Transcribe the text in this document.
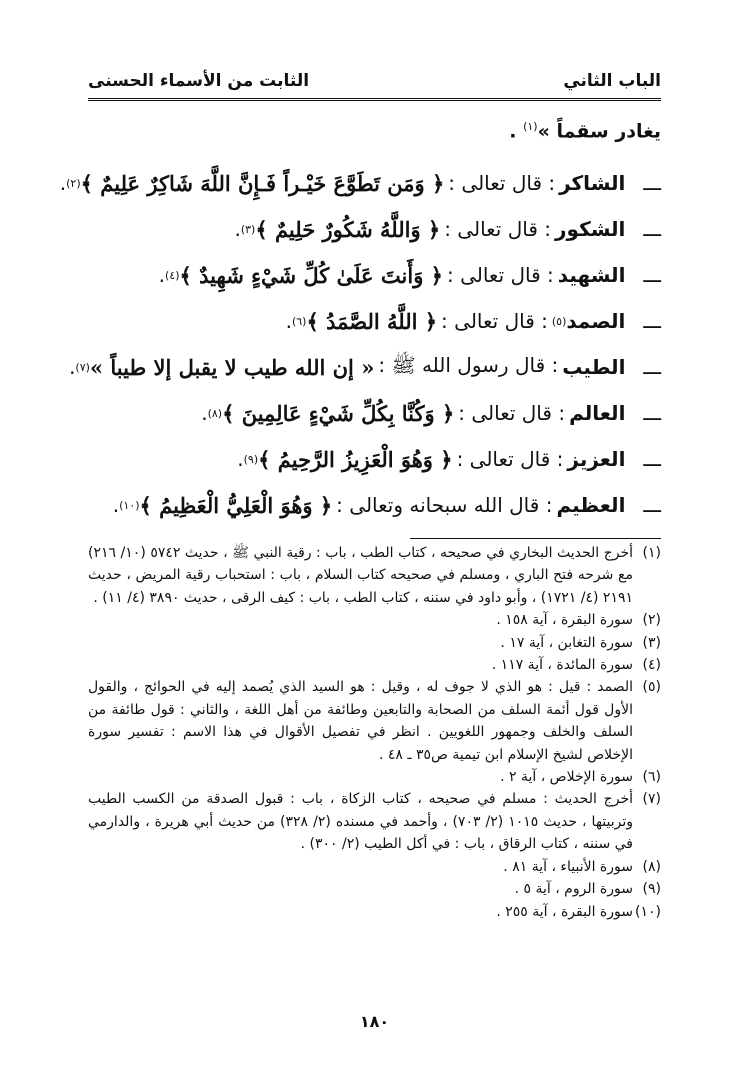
الباب الثاني
الثابت من الأسماء الحسنى
يغادر سقماً »$^{(١)}$ .
ـــ
الشاكر
: قال تعالى :
﴿ وَمَن تَطَوَّعَ خَيْـراً فَـإِنَّ اللَّهَ شَاكِرٌ عَلِيمٌ ﴾
(٢)
.
ـــ
الشكور
: قال تعالى :
﴿ وَاللَّهُ شَكُورٌ حَلِيمٌ ﴾
(٣)
.
ـــ
الشهيد
: قال تعالى :
﴿ وَأَنتَ عَلَىٰ كُلِّ شَيْءٍ شَهِيدٌ ﴾
(٤)
.
ـــ
الصمد
(٥)
: قال تعالى :
﴿ اللَّهُ الصَّمَدُ ﴾
(٦)
.
ـــ
الطيب
: قال رسول الله ﷺ :
« إن الله طيب لا يقبل إلا طيباً »
(٧)
.
ـــ
العالم
: قال تعالى :
﴿ وَكُنَّا بِكُلِّ شَيْءٍ عَالِمِينَ ﴾
(٨)
.
ـــ
العزيز
: قال تعالى :
﴿ وَهُوَ الْعَزِيزُ الرَّحِيمُ ﴾
(٩)
.
ـــ
العظيم
: قال الله سبحانه وتعالى :
﴿ وَهُوَ الْعَلِيُّ الْعَظِيمُ ﴾
(١٠)
.
(١)
أخرج الحديث البخاري في صحيحه ، كتاب الطب ، باب : رقية النبي ﷺ ، حديث ٥٧٤٢ (١٠/ ٢١٦) مع شرحه فتح الباري ، ومسلم في صحيحه كتاب السلام ، باب : استحباب رقية المريض ، حديث ٢١٩١ (٤/ ١٧٢١) ، وأبو داود في سننه ، كتاب الطب ، باب : كيف الرقى ، حديث ٣٨٩٠ (٤/ ١١) .
(٢)
سورة البقرة ، آية ١٥٨ .
(٣)
سورة التغابن ، آية ١٧ .
(٤)
سورة المائدة ، آية ١١٧ .
(٥)
الصمد : قيل : هو الذي لا جوف له ، وقيل : هو السيد الذي يُصمد إليه في الحوائج ، والقول الأول قول أئمة السلف من الصحابة والتابعين وطائفة من أهل اللغة ، والثاني : قول طائفة من السلف والخلف وجمهور اللغويين . انظر في تفصيل الأقوال في هذا الاسم : تفسير سورة الإخلاص لشيخ الإسلام ابن تيمية ص٣٥ ـ ٤٨ .
(٦)
سورة الإخلاص ، آية ٢ .
(٧)
أخرج الحديث : مسلم في صحيحه ، كتاب الزكاة ، باب : قبول الصدقة من الكسب الطيب وتربيتها ، حديث ١٠١٥ (٢/ ٧٠٣) ، وأحمد في مسنده (٢/ ٣٢٨) من حديث أبي هريرة ، والدارمي في سننه ، كتاب الرقاق ، باب : في أكل الطيب (٢/ ٣٠٠) .
(٨)
سورة الأنبياء ، آية ٨١ .
(٩)
سورة الروم ، آية ٥ .
(١٠)
سورة البقرة ، آية ٢٥٥ .
١٨٠
